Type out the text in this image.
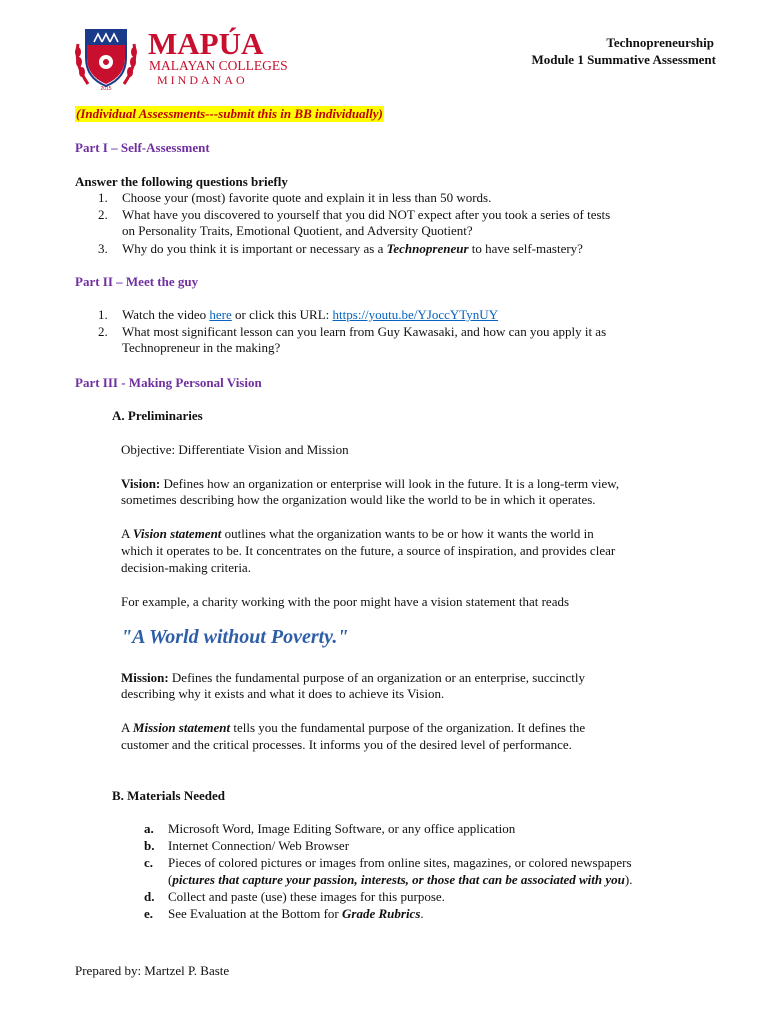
2015
MAPÚA
MALAYAN COLLEGES
MINDANAO
Technopreneurship
Module 1 Summative Assessment
(Individual Assessments---submit this in BB individually)
Part I – Self-Assessment
Answer the following questions briefly
1. Choose your (most) favorite quote and explain it in less than 50 words.
2. What have you discovered to yourself that you did NOT expect after you took a series of tests
on Personality Traits, Emotional Quotient, and Adversity Quotient?
3. Why do you think it is important or necessary as a Technopreneur to have self-mastery?
Part II – Meet the guy
1. Watch the video here or click this URL: https://youtu.be/YJoccYTynUY
2. What most significant lesson can you learn from Guy Kawasaki, and how can you apply it as
Technopreneur in the making?
Part III - Making Personal Vision
A. Preliminaries
Objective: Differentiate Vision and Mission
Vision: Defines how an organization or enterprise will look in the future. It is a long-term view,
sometimes describing how the organization would like the world to be in which it operates.
A Vision statement outlines what the organization wants to be or how it wants the world in
which it operates to be. It concentrates on the future, a source of inspiration, and provides clear
decision-making criteria.
For example, a charity working with the poor might have a vision statement that reads
"A World without Poverty."
Mission: Defines the fundamental purpose of an organization or an enterprise, succinctly
describing why it exists and what it does to achieve its Vision.
A Mission statement tells you the fundamental purpose of the organization. It defines the
customer and the critical processes. It informs you of the desired level of performance.
B. Materials Needed
a. Microsoft Word, Image Editing Software, or any office application
b. Internet Connection/ Web Browser
c. Pieces of colored pictures or images from online sites, magazines, or colored newspapers
(pictures that capture your passion, interests, or those that can be associated with you).
d. Collect and paste (use) these images for this purpose.
e. See Evaluation at the Bottom for Grade Rubrics.
Prepared by: Martzel P. Baste
